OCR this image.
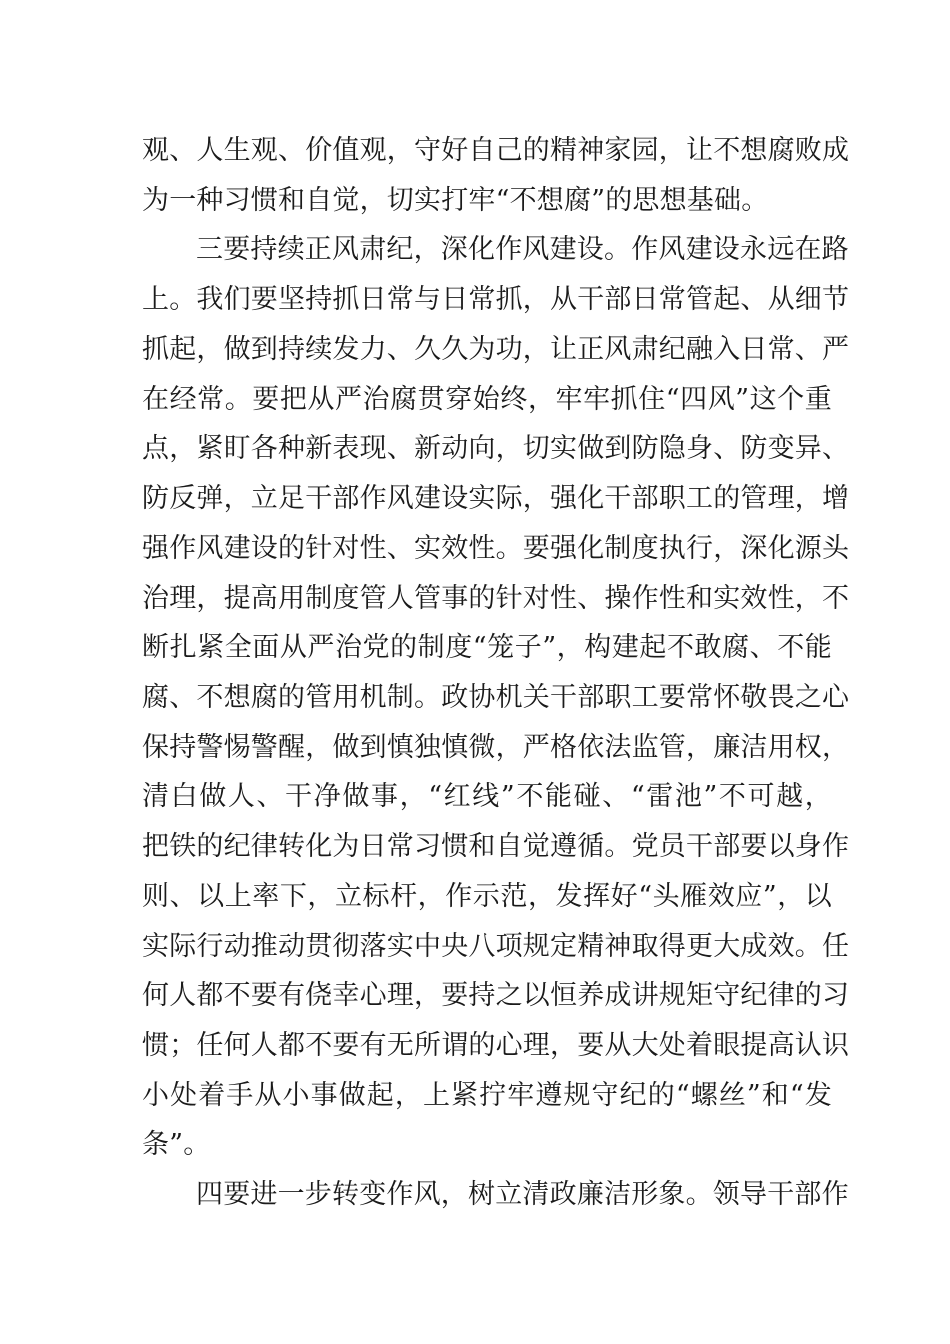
观、人生观、价值观，守好自己的精神家园，让不想腐败成
为一种习惯和自觉，切实打牢“不想腐”的思想基础。
三要持续正风肃纪，深化作风建设。作风建设永远在路
上。我们要坚持抓日常与日常抓，从干部日常管起、从细节
抓起，做到持续发力、久久为功，让正风肃纪融入日常、严
在经常。要把从严治腐贯穿始终，牢牢抓住“四风”这个重
点，紧盯各种新表现、新动向，切实做到防隐身、防变异、
防反弹，立足干部作风建设实际，强化干部职工的管理，增
强作风建设的针对性、实效性。要强化制度执行，深化源头
治理，提高用制度管人管事的针对性、操作性和实效性，不
断扎紧全面从严治党的制度“笼子”，构建起不敢腐、不能
腐、不想腐的管用机制。政协机关干部职工要常怀敬畏之心
保持警惕警醒，做到慎独慎微，严格依法监管，廉洁用权，
清白做人、干净做事，“红线”不能碰、“雷池”不可越，
把铁的纪律转化为日常习惯和自觉遵循。党员干部要以身作
则、以上率下，立标杆，作示范，发挥好“头雁效应”，以
实际行动推动贯彻落实中央八项规定精神取得更大成效。任
何人都不要有侥幸心理，要持之以恒养成讲规矩守纪律的习
惯；任何人都不要有无所谓的心理，要从大处着眼提高认识
小处着手从小事做起，上紧拧牢遵规守纪的“螺丝”和“发
条”。
四要进一步转变作风，树立清政廉洁形象。领导干部作
